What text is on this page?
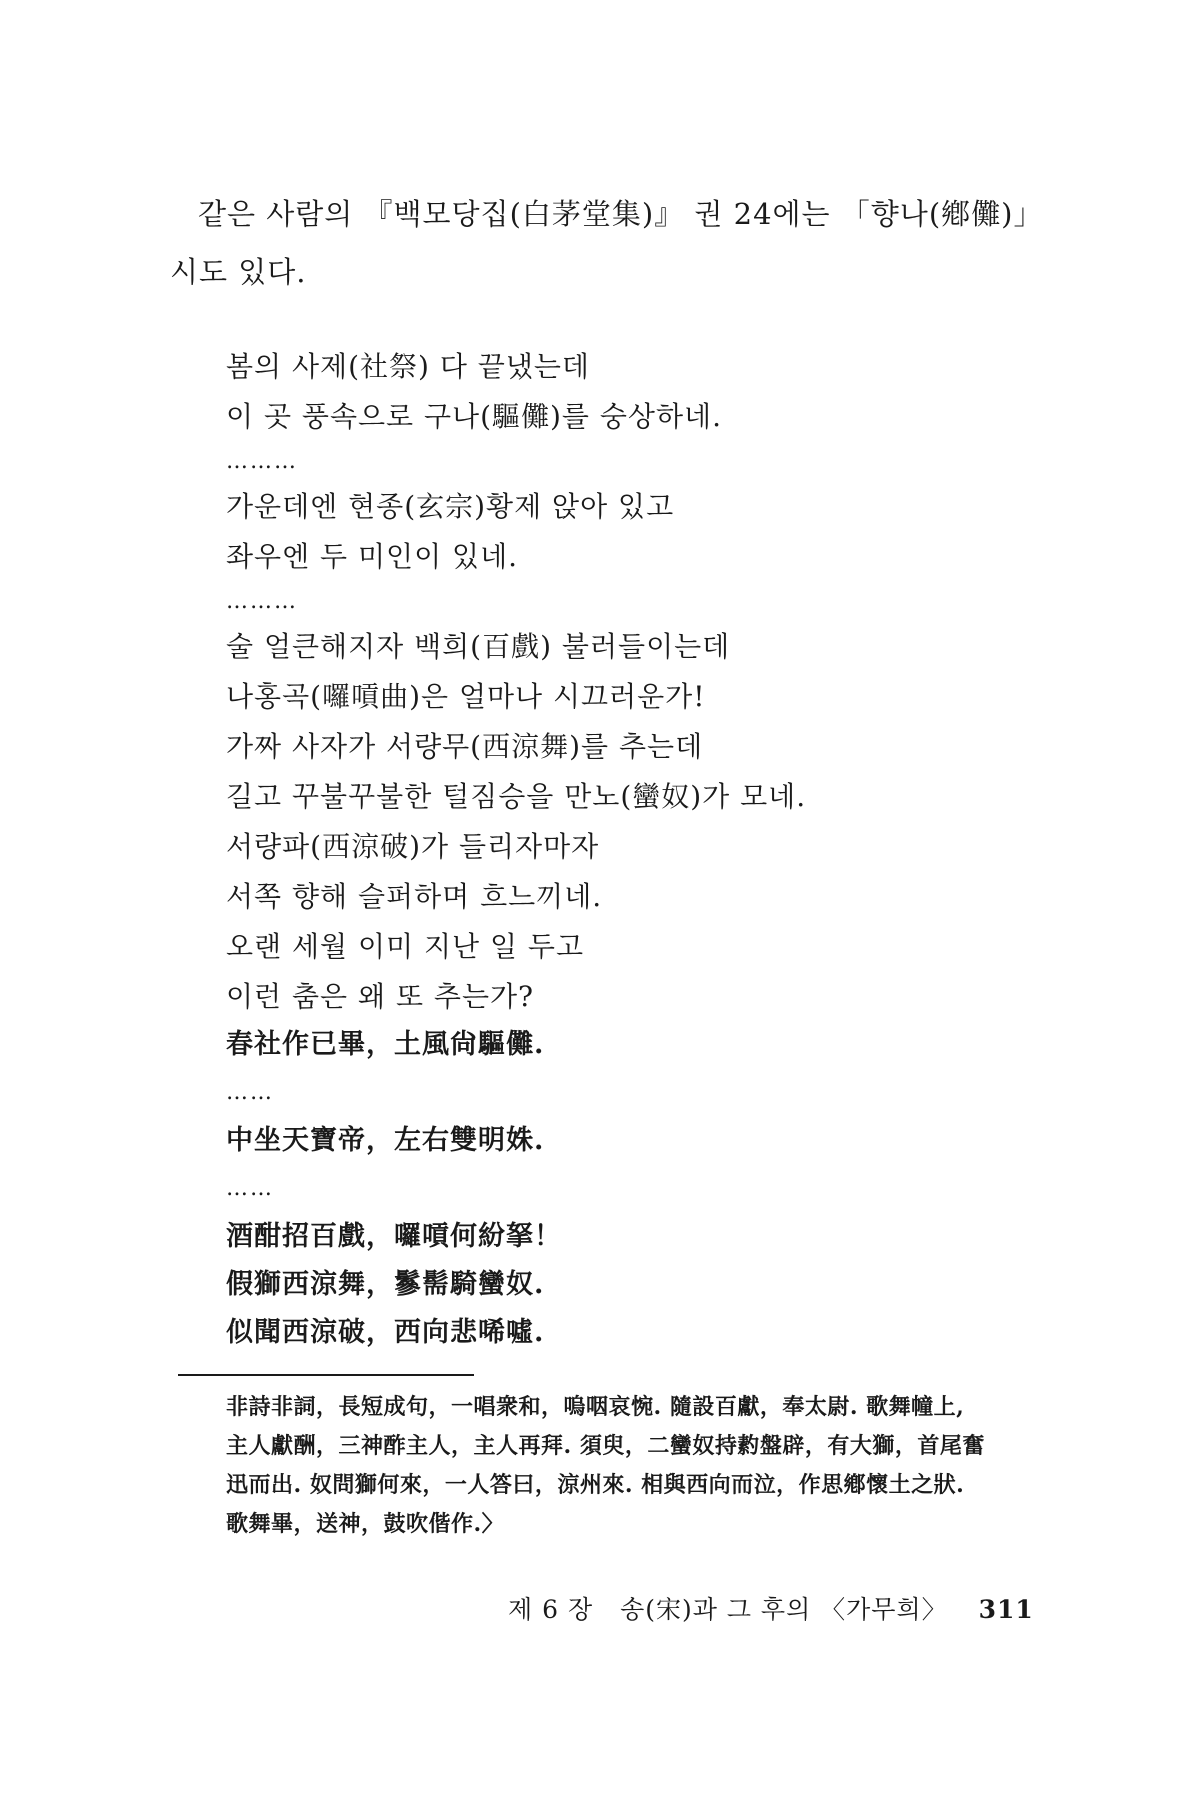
같은 사람의 『백모당집(白茅堂集)』 권 24에는 「향나(鄕儺)」 시도 있다.

봄의 사제(社祭) 다 끝냈는데
이 곳 풍속으로 구나(驅儺)를 숭상하네.
………
가운데엔 현종(玄宗)황제 앉아 있고
좌우엔 두 미인이 있네.
………
술 얼큰해지자 백희(百戲) 불러들이는데
나홍곡(囉嗊曲)은 얼마나 시끄러운가!
가짜 사자가 서량무(西涼舞)를 추는데
길고 꾸불꾸불한 털짐승을 만노(蠻奴)가 모네.
서량파(西涼破)가 들리자마자
서쪽 향해 슬퍼하며 흐느끼네.
오랜 세월 이미 지난 일 두고
이런 춤은 왜 또 추는가?
春社作已畢，土風尙驅儺.
……
中坐天寶帝，左右雙明姝.
……
酒酣招百戲，囉嗊何紛拏！
假獅西涼舞，鬖髵騎蠻奴.
似聞西涼破，西向悲唏噓.
非詩非詞，長短成句，一唱衆和，嗚咽哀惋. 隨設百獻，奉太尉. 歌舞幢上,
主人獻酬，三神酢主人，主人再拜. 須臾，二蠻奴持䋤盤辟，有大獅，首尾奮
迅而出. 奴問獅何來，一人答曰，涼州來. 相與西向而泣，作思鄕懷土之狀.
歌舞畢，送神，鼓吹偕作.〉
제 6 장 송(宋)과 그 후의 〈가무희〉 311
